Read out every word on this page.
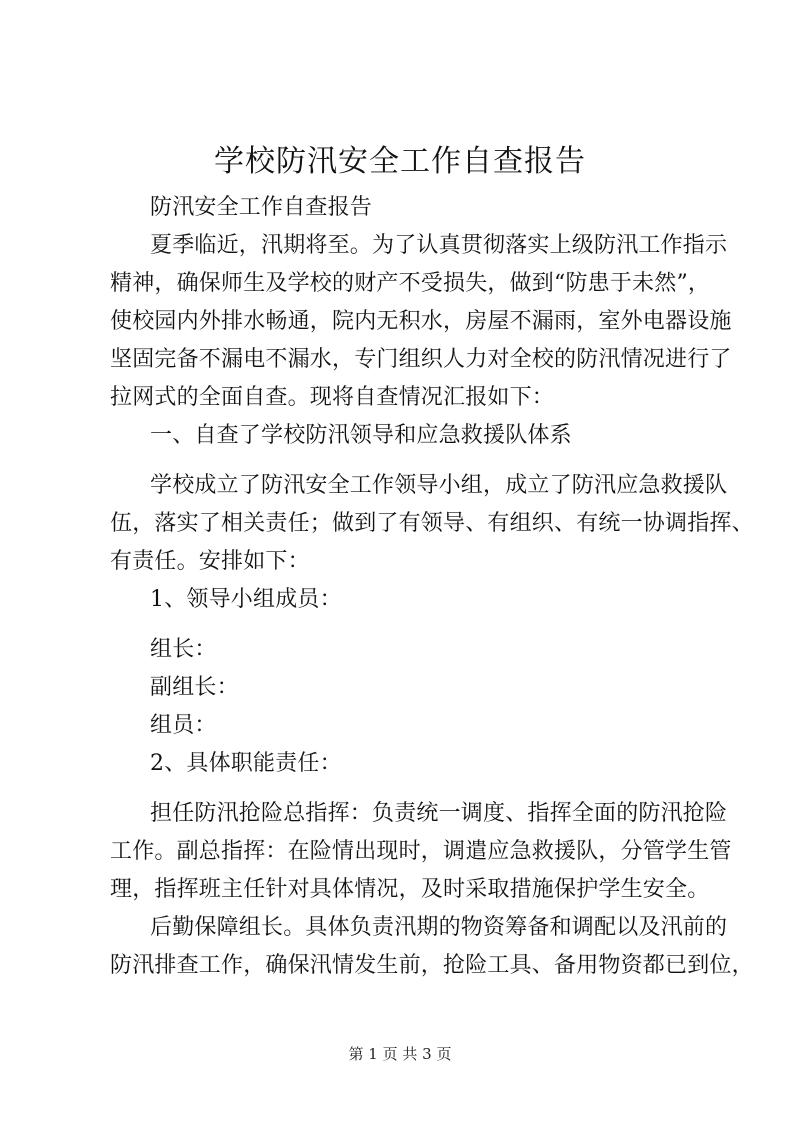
学校防汛安全工作自查报告
防汛安全工作自查报告
夏季临近，汛期将至。为了认真贯彻落实上级防汛工作指示
精神，确保师生及学校的财产不受损失，做到“防患于未然”，
使校园内外排水畅通，院内无积水，房屋不漏雨，室外电器设施
坚固完备不漏电不漏水，专门组织人力对全校的防汛情况进行了
拉网式的全面自查。现将自查情况汇报如下：
一、自查了学校防汛领导和应急救援队体系
学校成立了防汛安全工作领导小组，成立了防汛应急救援队
伍，落实了相关责任；做到了有领导、有组织、有统一协调指挥、
有责任。安排如下：
1、领导小组成员：
组长：
副组长：
组员：
2、具体职能责任：
担任防汛抢险总指挥：负责统一调度、指挥全面的防汛抢险
工作。副总指挥：在险情出现时，调遣应急救援队，分管学生管
理，指挥班主任针对具体情况，及时采取措施保护学生安全。
后勤保障组长。具体负责汛期的物资筹备和调配以及汛前的
防汛排查工作，确保汛情发生前，抢险工具、备用物资都已到位，
第 1 页 共 3 页
